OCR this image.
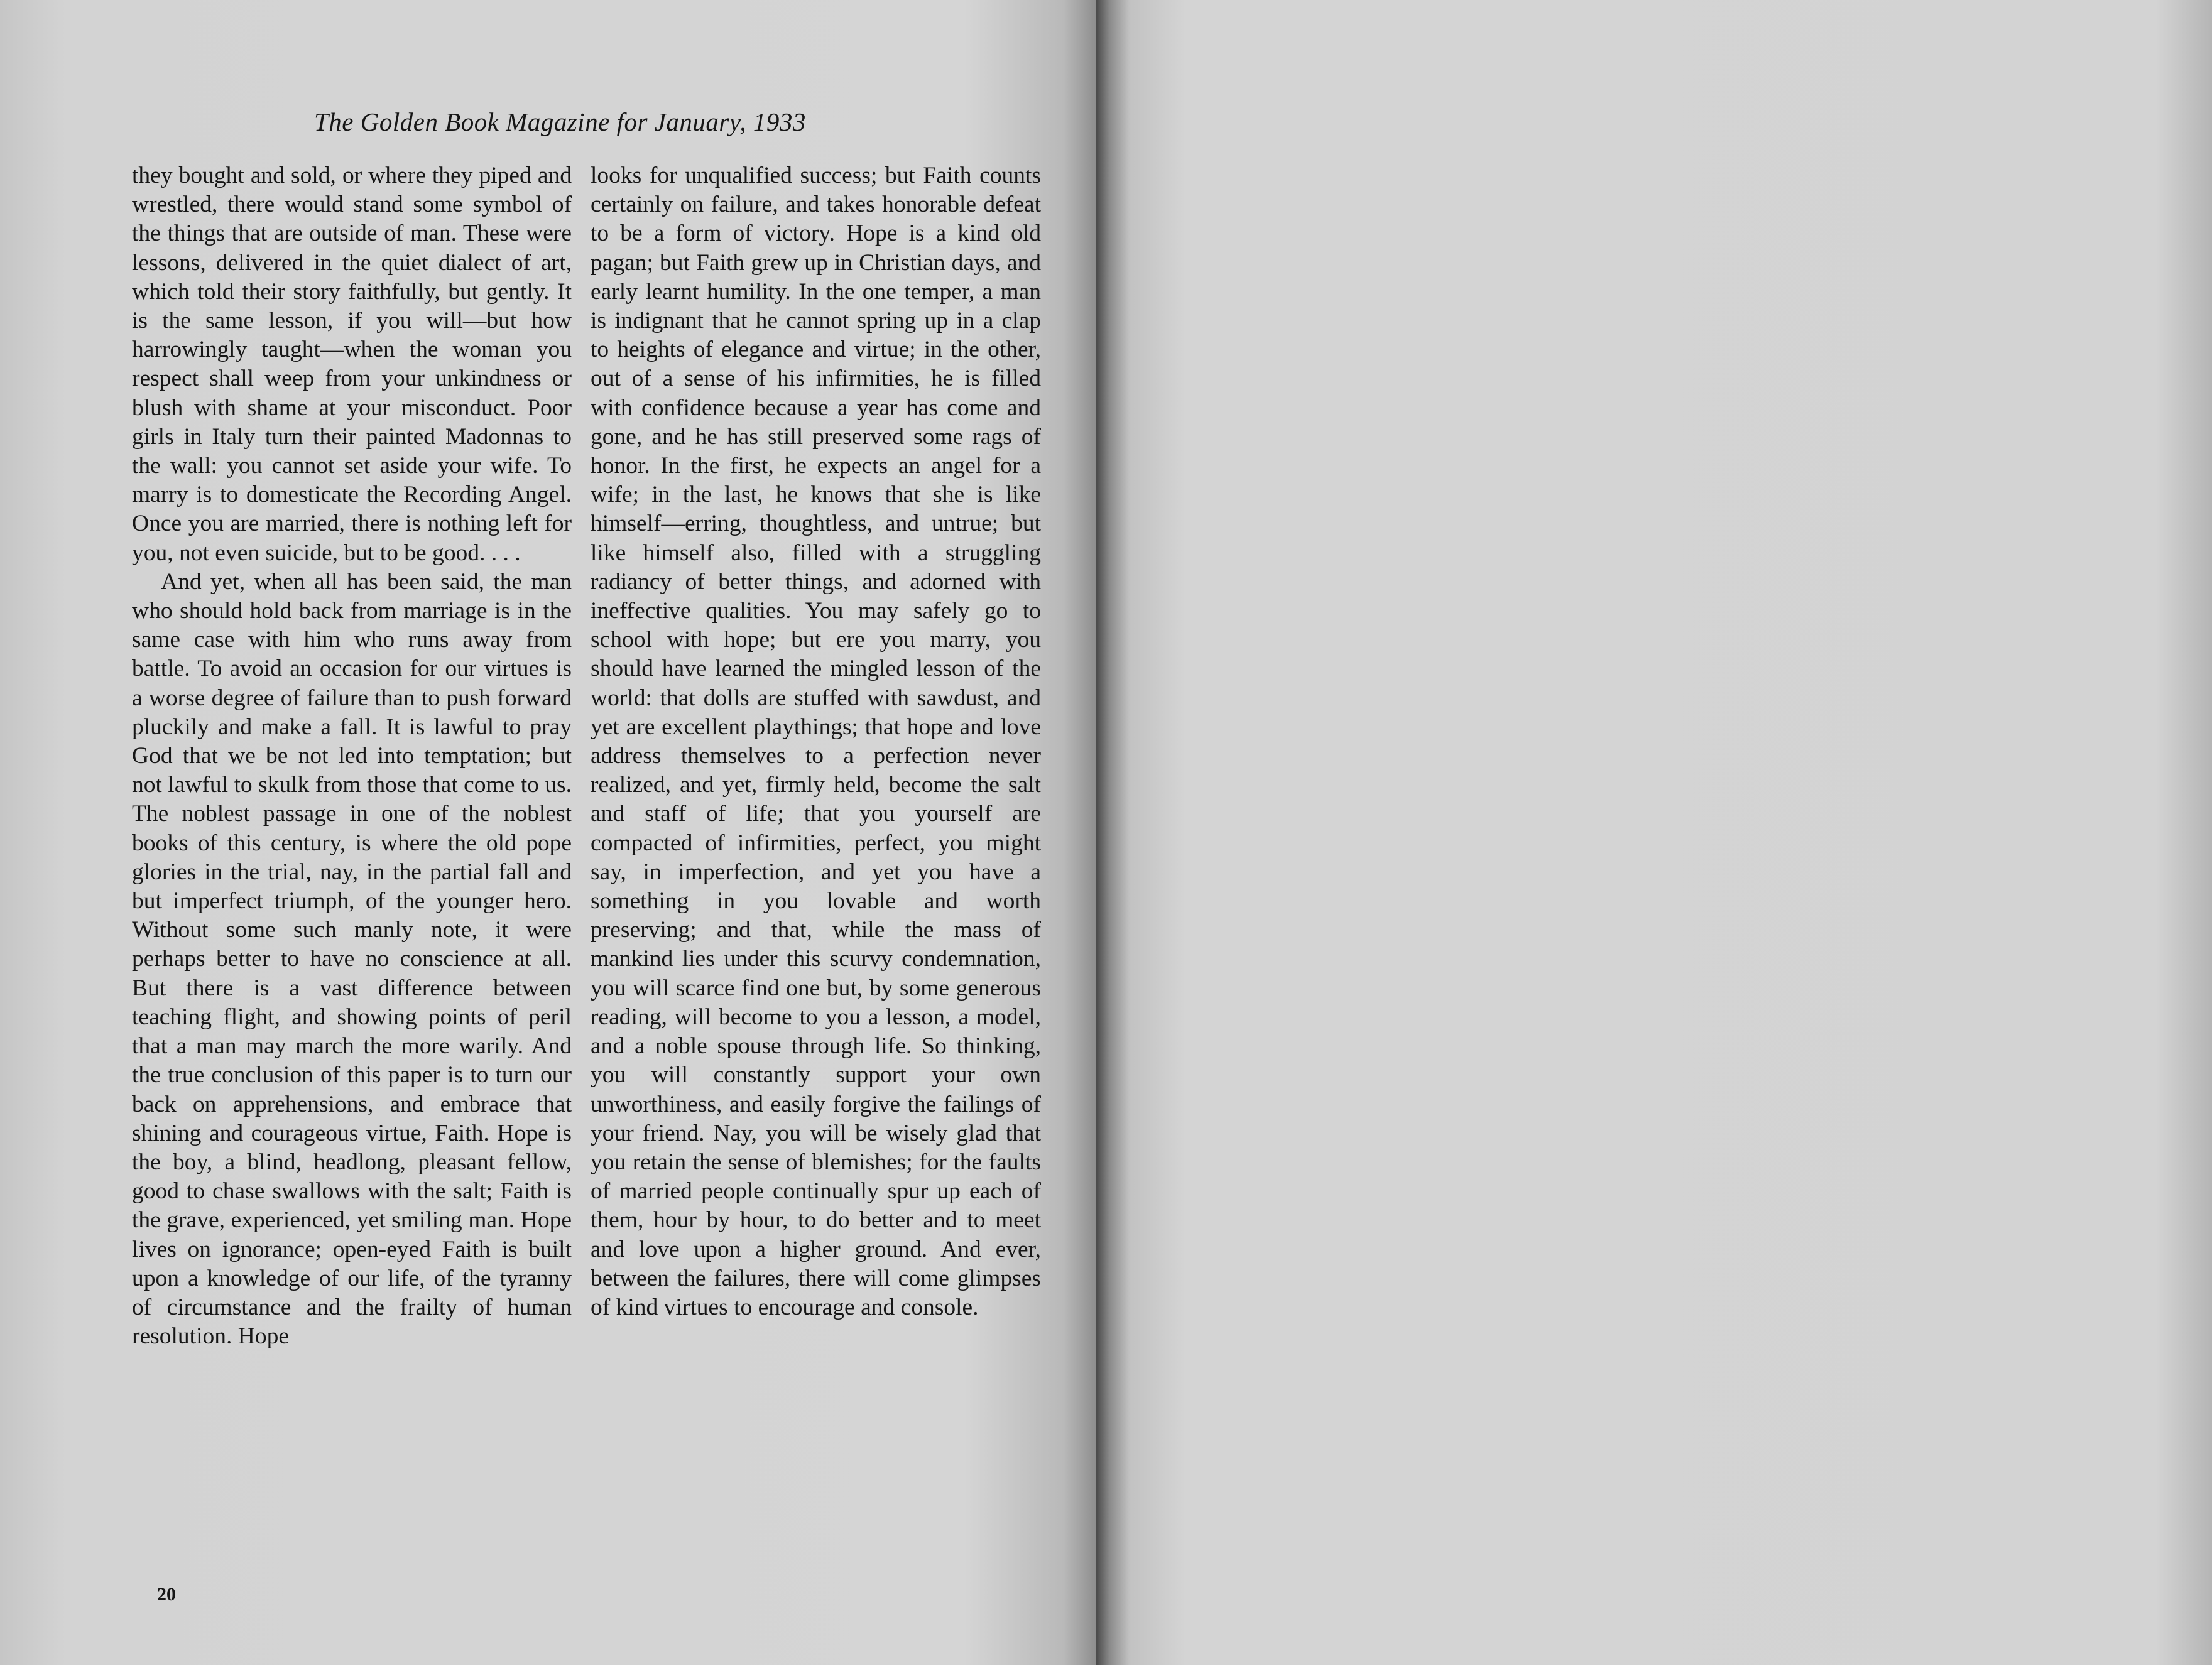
The Golden Book Magazine for January, 1933

they bought and sold, or where they piped and wrestled, there would stand some symbol of the things that are outside of man. These were lessons, delivered in the quiet dialect of art, which told their story faithfully, but gently. It is the same lesson, if you will—but how harrowingly taught—when the woman you respect shall weep from your unkindness or blush with shame at your misconduct. Poor girls in Italy turn their painted Madonnas to the wall: you cannot set aside your wife. To marry is to domesticate the Recording Angel. Once you are married, there is nothing left for you, not even suicide, but to be good. . . .

And yet, when all has been said, the man who should hold back from marriage is in the same case with him who runs away from battle. To avoid an occasion for our virtues is a worse degree of failure than to push forward pluckily and make a fall. It is lawful to pray God that we be not led into temptation; but not lawful to skulk from those that come to us. The noblest passage in one of the noblest books of this century, is where the old pope glories in the trial, nay, in the partial fall and but imperfect triumph, of the younger hero. Without some such manly note, it were perhaps better to have no conscience at all. But there is a vast difference between teaching flight, and showing points of peril that a man may march the more warily. And the true conclusion of this paper is to turn our back on apprehensions, and embrace that shining and courageous virtue, Faith. Hope is the boy, a blind, headlong, pleasant fellow, good to chase swallows with the salt; Faith is the grave, experienced, yet smiling man. Hope lives on ignorance; open-eyed Faith is built upon a knowledge of our life, of the tyranny of circumstance and the frailty of human resolution. Hope

looks for unqualified success; but Faith counts certainly on failure, and takes honorable defeat to be a form of victory. Hope is a kind old pagan; but Faith grew up in Christian days, and early learnt humility. In the one temper, a man is indignant that he cannot spring up in a clap to heights of elegance and virtue; in the other, out of a sense of his infirmities, he is filled with confidence because a year has come and gone, and he has still preserved some rags of honor. In the first, he expects an angel for a wife; in the last, he knows that she is like himself—erring, thoughtless, and untrue; but like himself also, filled with a struggling radiancy of better things, and adorned with ineffective qualities. You may safely go to school with hope; but ere you marry, you should have learned the mingled lesson of the world: that dolls are stuffed with sawdust, and yet are excellent playthings; that hope and love address themselves to a perfection never realized, and yet, firmly held, become the salt and staff of life; that you yourself are compacted of infirmities, perfect, you might say, in imperfection, and yet you have a something in you lovable and worth preserving; and that, while the mass of mankind lies under this scurvy condemnation, you will scarce find one but, by some generous reading, will become to you a lesson, a model, and a noble spouse through life. So thinking, you will constantly support your own unworthiness, and easily forgive the failings of your friend. Nay, you will be wisely glad that you retain the sense of blemishes; for the faults of married people continually spur up each of them, hour by hour, to do better and to meet and love upon a higher ground. And ever, between the failures, there will come glimpses of kind virtues to encourage and console.

20
